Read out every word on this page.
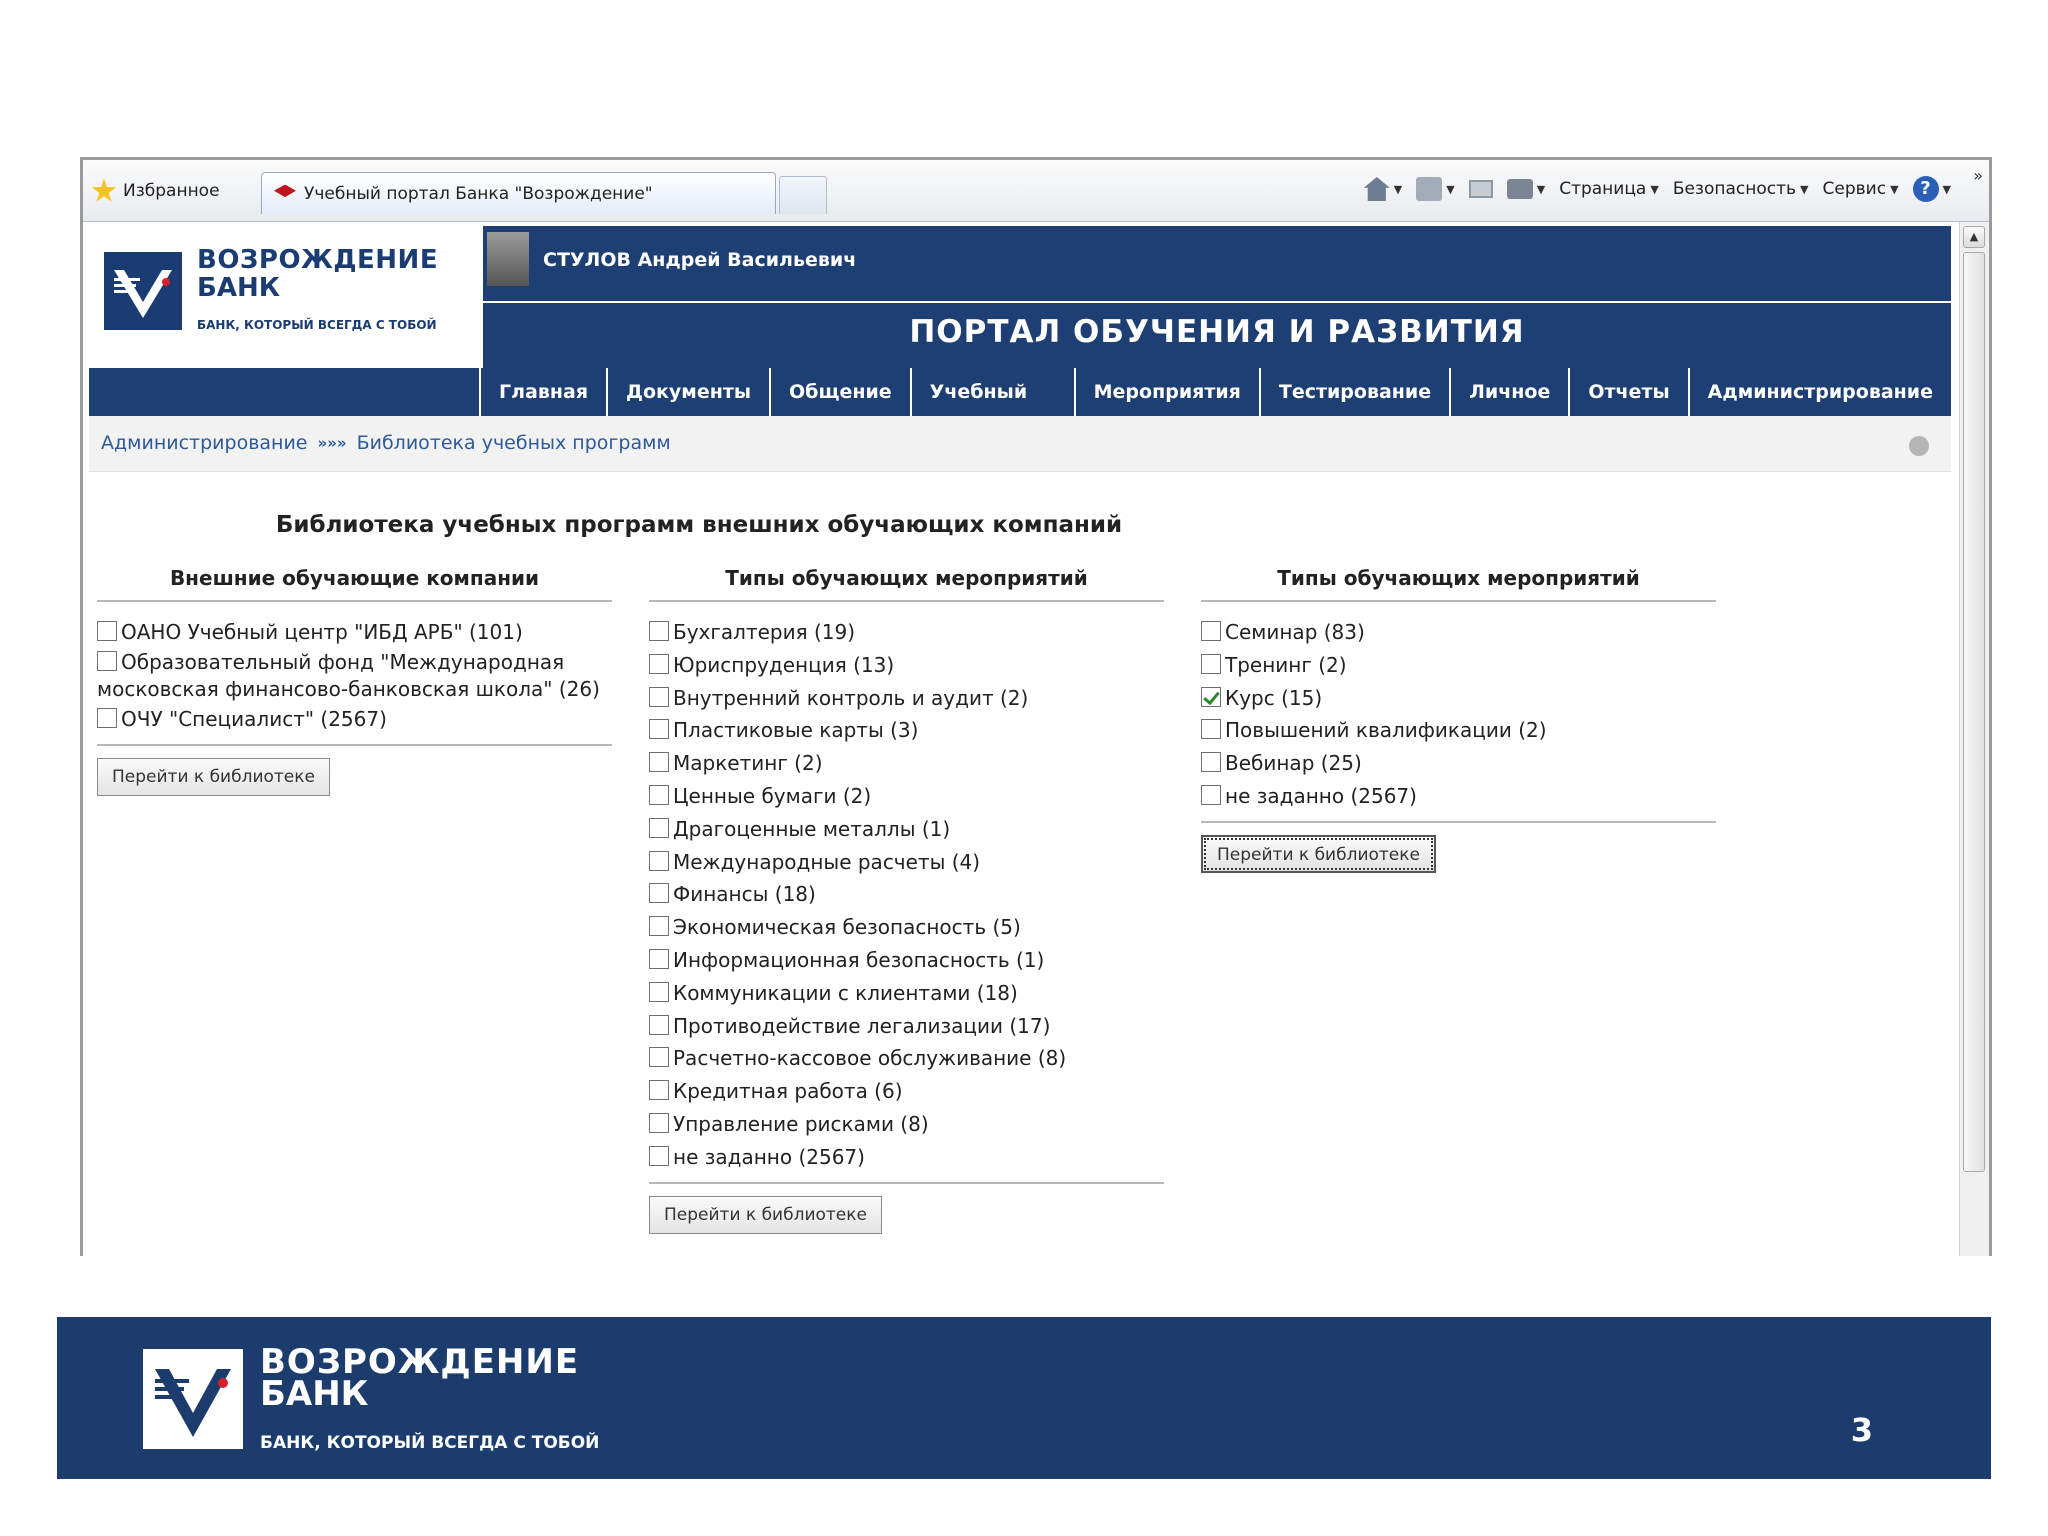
Избранное	Учебный портал Банка "Возрождение"	▼	▼	▼ Страница ▼ Безопасность ▼ Сервис ▼	?	▼
»
ВОЗРОЖДЕНИЕ
БАНК
БАНК, КОТОРЫЙ ВСЕГДА С ТОБОЙ
СТУЛОВ Андрей Васильевич
ПОРТАЛ ОБУЧЕНИЯ И РАЗВИТИЯ
Главная	Документы	Общение	Учебный	Мероприятия	Тестирование	Личное	Отчеты	Администрирование
Администрирование »»» Библиотека учебных программ
Библиотека учебных программ внешних обучающих компаний
Внешние обучающие компании
ОАНО Учебный центр "ИБД АРБ" (101)
Образовательный фонд "Международная московская финансово-банковская школа" (26)
ОЧУ "Специалист" (2567)
Перейти к библиотеке
Типы обучающих мероприятий
Бухгалтерия (19)
Юриспруденция (13)
Внутренний контроль и аудит (2)
Пластиковые карты (3)
Маркетинг (2)
Ценные бумаги (2)
Драгоценные металлы (1)
Международные расчеты (4)
Финансы (18)
Экономическая безопасность (5)
Информационная безопасность (1)
Коммуникации с клиентами (18)
Противодействие легализации (17)
Расчетно-кассовое обслуживание (8)
Кредитная работа (6)
Управление рисками (8)
не заданно (2567)
Перейти к библиотеке
Типы обучающих мероприятий
Семинар (83)
Тренинг (2)
Курс (15)
Повышений квалификации (2)
Вебинар (25)
не заданно (2567)
Перейти к библиотеке
▲
ВОЗРОЖДЕНИЕ
БАНК
БАНК, КОТОРЫЙ ВСЕГДА С ТОБОЙ	3
